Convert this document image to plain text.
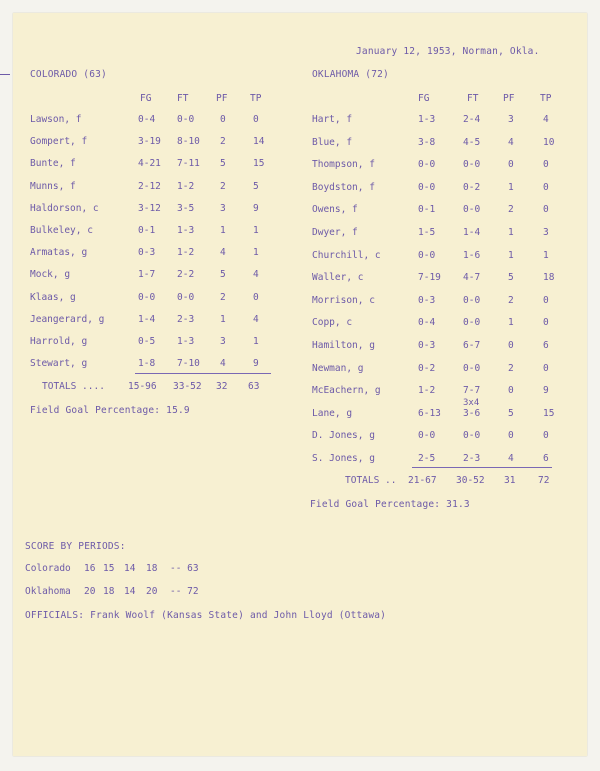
January 12, 1953, Norman, Okla.
COLORADO (63)
FG	FT	PF TP
Lawson, f	0-4 0-0	0	0
Gompert, f	3-19 8-10 2	14
Bunte, f	4-21 7-11 5	15
Munns, f	2-12 1-2	2	5
Haldorson, c	3-12 3-5	3	9
Bulkeley, c	0-1 1-3	1	1
Armatas, g	0-3 1-2	4	1
Mock, g	1-7 2-2	5	4
Klaas, g	0-0 0-0	2	0
Jeangerard, g	1-4 2-3	1	4
Harrold, g	0-5 1-3	3	1
Stewart, g	1-8 7-10 4	9
TOTALS .... 15-96 33-52 32 63
Field Goal Percentage: 15.9
OKLAHOMA (72)
FG	FT	PF	TP
Hart, f	1-3	2-4	3	4
Blue, f	3-8	4-5	4	10
Thompson, f	0-0	0-0	0	0
Boydston, f	0-0	0-2	1	0
Owens, f	0-1	0-0	2	0
Dwyer, f	1-5	1-4	1	3
Churchill, c	0-0	1-6	1	1
Waller, c	7-19 4-7	5	18
Morrison, c	0-3	0-0	2	0
Copp, c	0-4	0-0	1	0
Hamilton, g	0-3	6-7	0	6
Newman, g	0-2	0-0	2	0
McEachern, g	1-2	7-7	0	9
Lane, g	6-13 3-6	5	15
3x4
D. Jones, g	0-0	0-0	0	0
S. Jones, g	2-5	2-3	4	6
TOTALS .. 21-67 30-52 31 72
Field Goal Percentage: 31.3
SCORE BY PERIODS:
Colorado 16 15 14 18 -- 63
Oklahoma 20 18 14 20 -- 72
OFFICIALS: Frank Woolf (Kansas State) and John Lloyd (Ottawa)
